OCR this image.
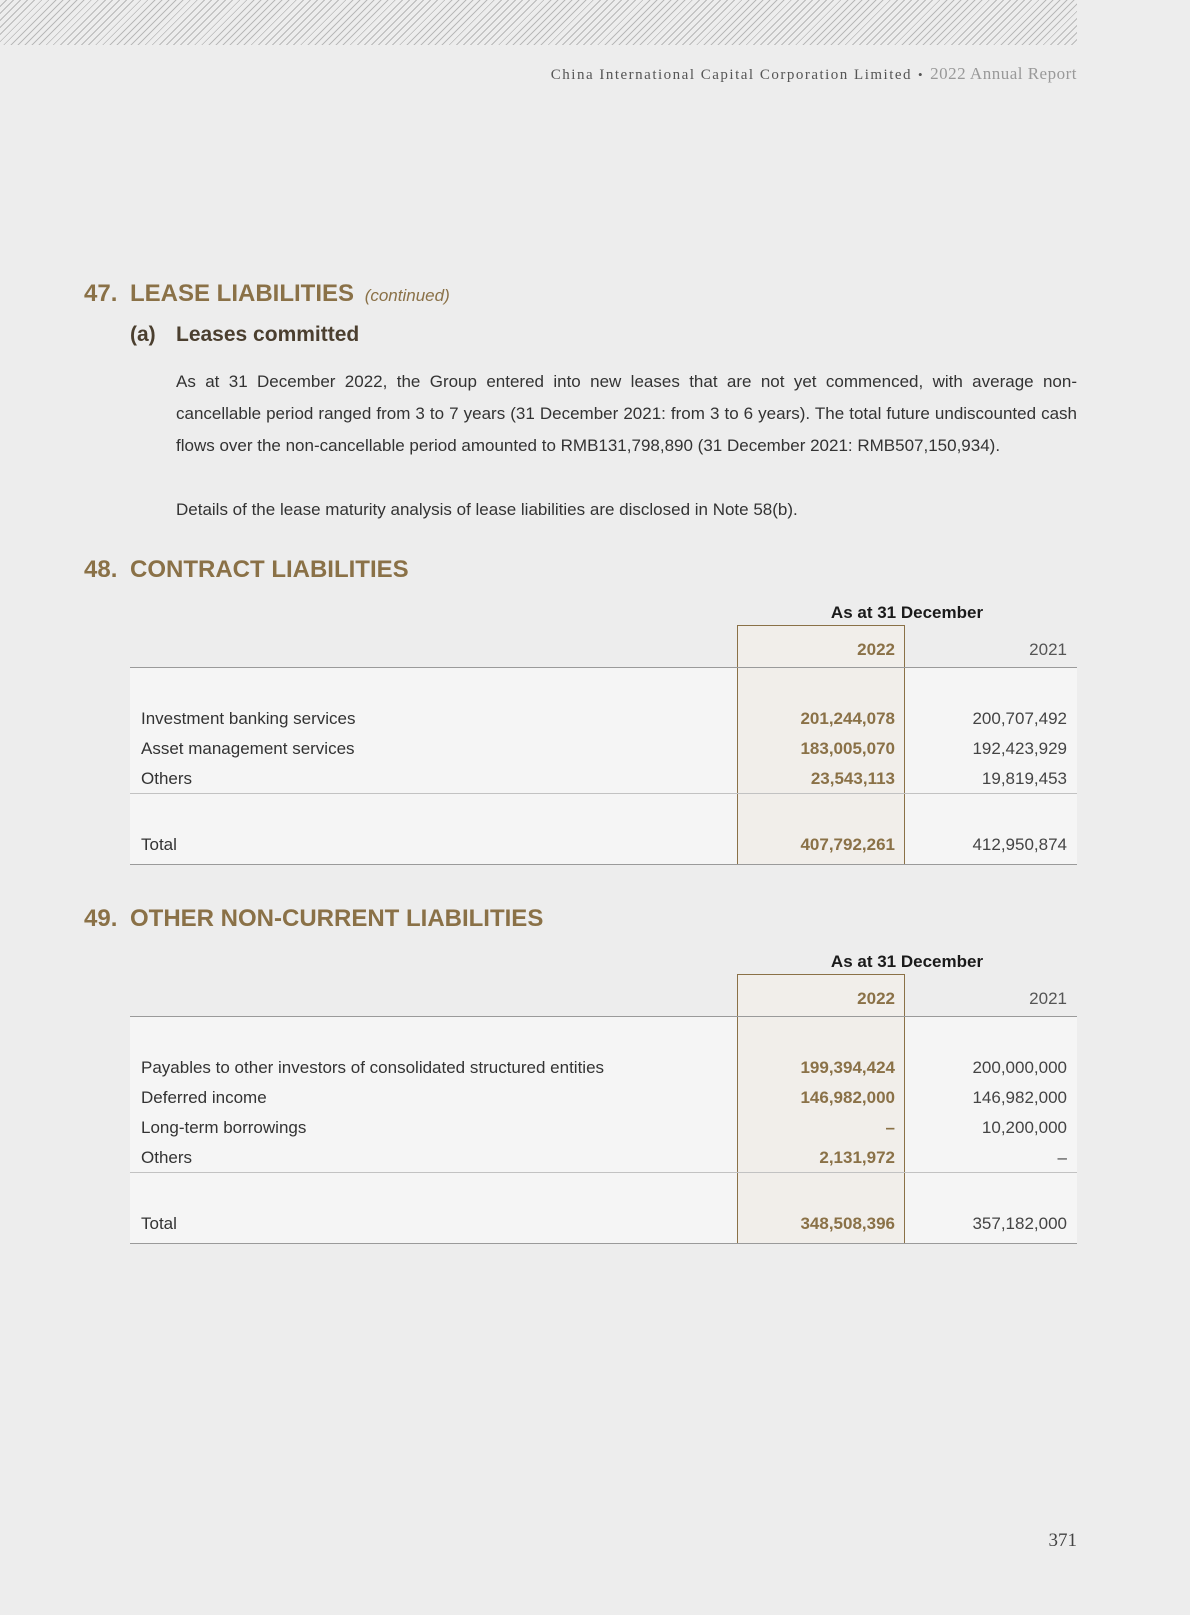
China International Capital Corporation Limited • 2022 Annual Report
47. LEASE LIABILITIES (continued)
(a) Leases committed

As at 31 December 2022, the Group entered into new leases that are not yet commenced, with average non-cancellable period ranged from 3 to 7 years (31 December 2021: from 3 to 6 years). The total future undiscounted cash flows over the non-cancellable period amounted to RMB131,798,890 (31 December 2021: RMB507,150,934).

Details of the lease maturity analysis of lease liabilities are disclosed in Note 58(b).

48. CONTRACT LIABILITIES
As at 31 December
2022	2021
Investment banking services	201,244,078	200,707,492
Asset management services	183,005,070	192,423,929
Others	23,543,113	19,819,453
Total	407,792,261	412,950,874
49. OTHER NON-CURRENT LIABILITIES
As at 31 December
2022	2021
Payables to other investors of consolidated structured entities	199,394,424	200,000,000
Deferred income	146,982,000	146,982,000
Long-term borrowings	–	10,200,000
Others	2,131,972	–
Total	348,508,396	357,182,000
371
